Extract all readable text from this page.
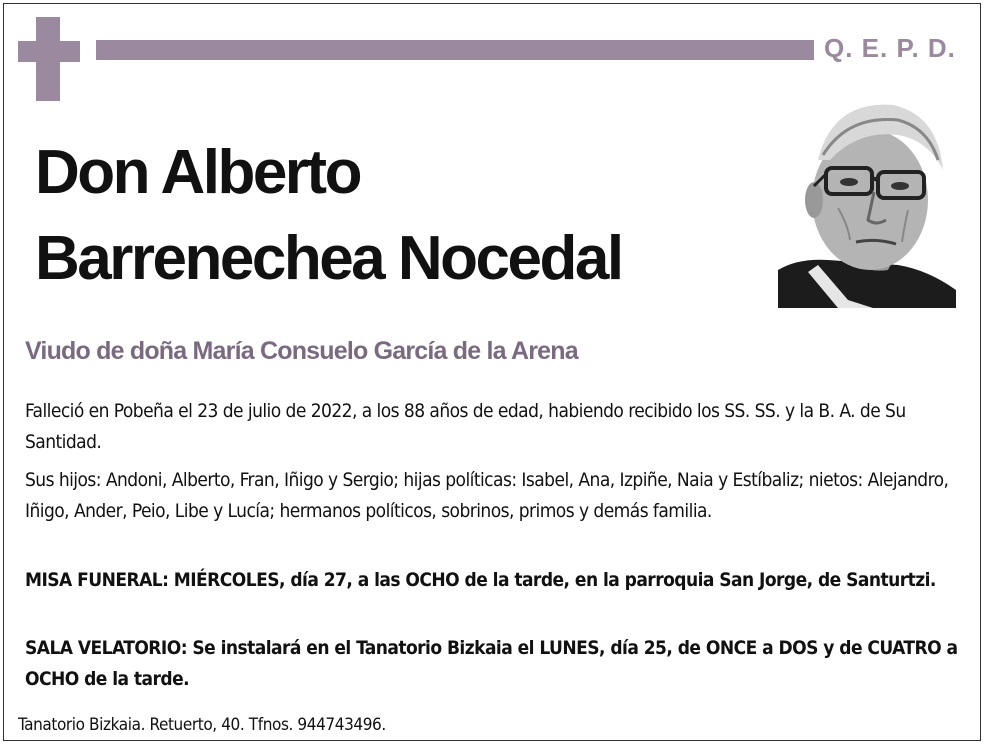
Q. E. P. D.
Don Alberto
Barrenechea Nocedal
Viudo de doña María Consuelo García de la Arena
Falleció en Pobeña el 23 de julio de 2022, a los 88 años de edad, habiendo recibido los SS. SS. y la B. A. de Su Santidad.
Sus hijos: Andoni, Alberto, Fran, Iñigo y Sergio; hijas políticas: Isabel, Ana, Izpiñe, Naia y Estíbaliz; nietos: Alejandro, Iñigo, Ander, Peio, Libe y Lucía; hermanos políticos, sobrinos, primos y demás familia.
MISA FUNERAL: MIÉRCOLES, día 27, a las OCHO de la tarde, en la parroquia San Jorge, de Santurtzi.
SALA VELATORIO: Se instalará en el Tanatorio Bizkaia el LUNES, día 25, de ONCE a DOS y de CUATRO a OCHO de la tarde.
Tanatorio Bizkaia. Retuerto, 40. Tfnos. 944743496.
